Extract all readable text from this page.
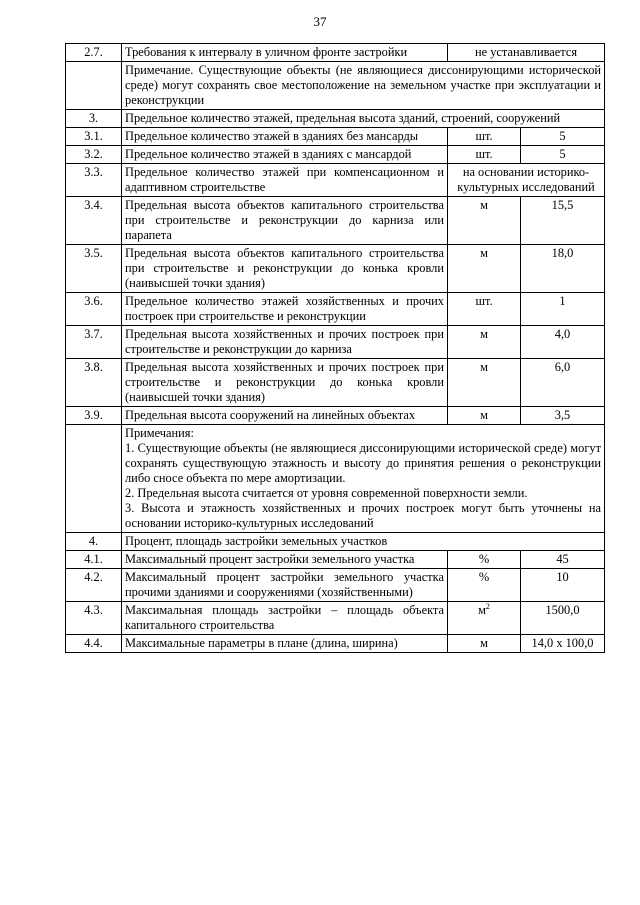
37
2.7.	Требования к интервалу в уличном фронте застройки	не устанавливается	

	Примечание. Существующие объекты (не являющиеся диссонирующими исторической среде) могут сохранять свое местоположение на земельном участке при эксплуатации и реконструкции		

3.	Предельное количество этажей, предельная высота зданий, строений, сооружений		
3.1.	Предельное количество этажей в зданиях без мансарды	шт.	5
3.2.	Предельное количество этажей в зданиях с мансардой	шт.	5
3.3.	Предельное количество этажей при компенсационном и адаптивном строительстве	на основании историко-культурных исследований	
3.4.	Предельная высота объектов капитального строительства при строительстве и реконструкции до карниза или парапета	м	15,5
3.5.	Предельная высота объектов капитального строительства при строительстве и реконструкции до конька кровли (наивысшей точки здания)	м	18,0
3.6.	Предельное количество этажей хозяйственных и прочих построек при строительстве и реконструкции	шт.	1
3.7.	Предельная высота хозяйственных и прочих построек при строительстве и реконструкции до карниза	м	4,0
3.8.	Предельная высота хозяйственных и прочих построек при строительстве и реконструкции до конька кровли (наивысшей точки здания)	м	6,0
3.9.	Предельная высота сооружений на линейных объектах	м	3,5

	Примечания:
1. Существующие объекты (не являющиеся диссонирующими исторической среде) могут сохранять существующую этажность и высоту до принятия решения о реконструкции либо сносе объекта по мере амортизации.
2. Предельная высота считается от уровня современной поверхности земли.
3. Высота и этажность хозяйственных и прочих построек могут быть уточнены на основании историко-культурных исследований		

4.	Процент, площадь застройки земельных участков		
4.1.	Максимальный процент застройки земельного участка	%	45
4.2.	Максимальный процент застройки земельного участка прочими зданиями и сооружениями (хозяйственными)	%	10
4.3.	Максимальная площадь застройки – площадь объекта капитального строительства	$м^2$	1500,0
4.4.	Максимальные параметры в плане (длина, ширина)	м	14,0 х 100,0
